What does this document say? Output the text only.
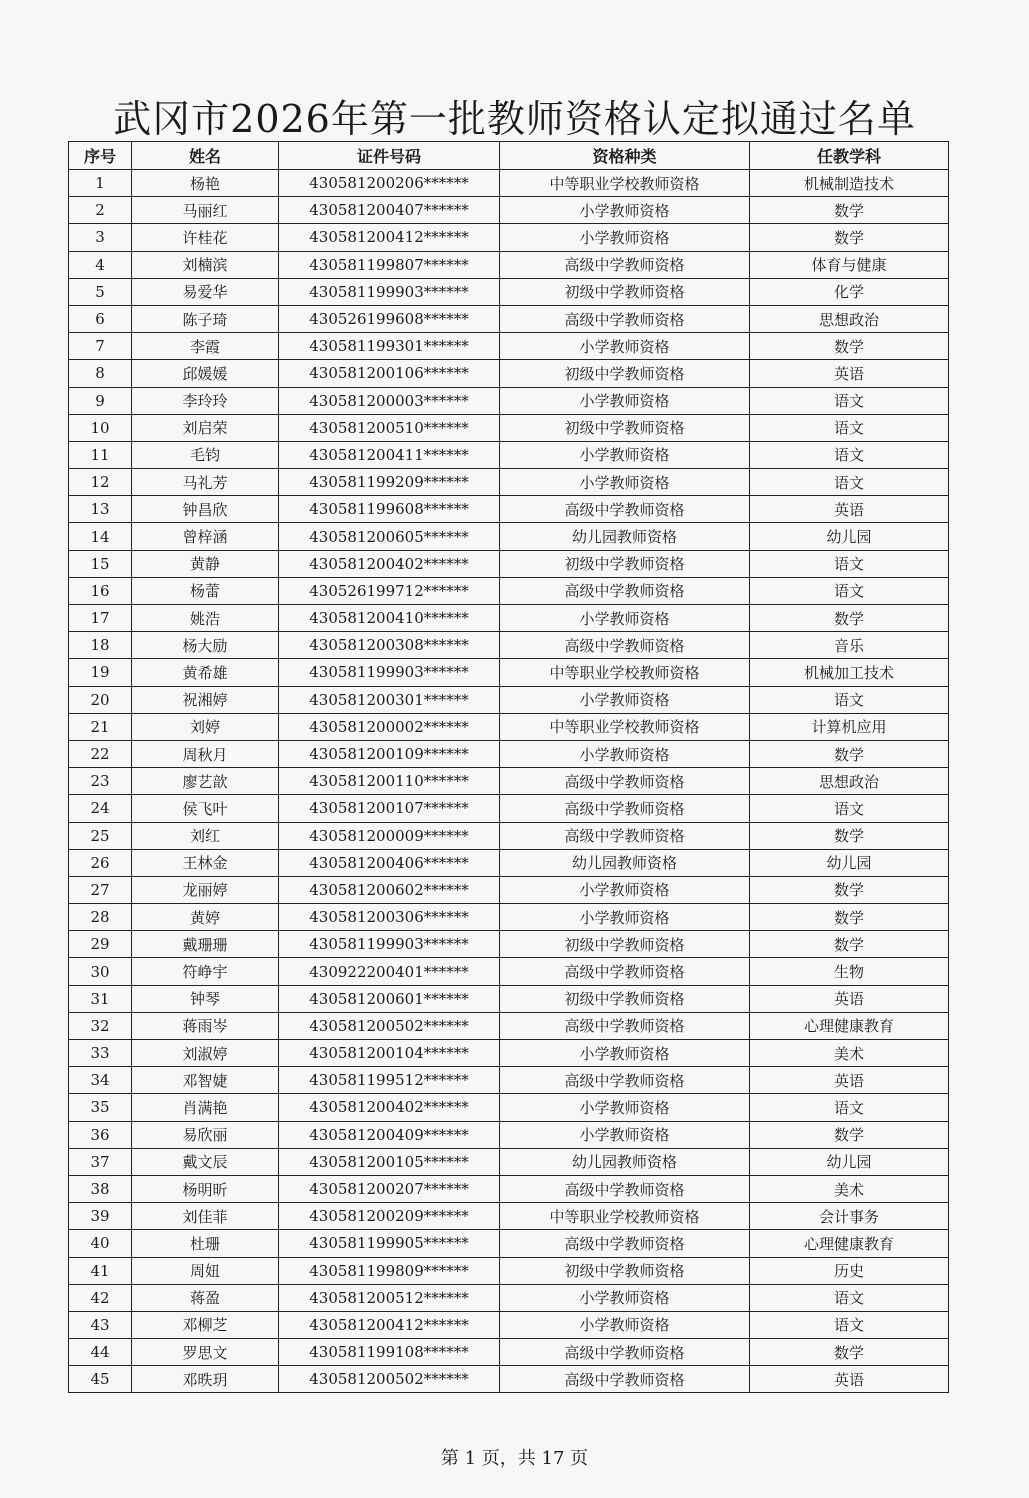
武冈市2026年第一批教师资格认定拟通过名单
序号	姓名	证件号码	资格种类	任教学科
1	杨艳	430581200206******	中等职业学校教师资格	机械制造技术
2	马丽红	430581200407******	小学教师资格	数学
3	许桂花	430581200412******	小学教师资格	数学
4	刘楠滨	430581199807******	高级中学教师资格	体育与健康
5	易爱华	430581199903******	初级中学教师资格	化学
6	陈子琦	430526199608******	高级中学教师资格	思想政治
7	李霞	430581199301******	小学教师资格	数学
8	邱媛媛	430581200106******	初级中学教师资格	英语
9	李玲玲	430581200003******	小学教师资格	语文
10	刘启荣	430581200510******	初级中学教师资格	语文
11	毛钧	430581200411******	小学教师资格	语文
12	马礼芳	430581199209******	小学教师资格	语文
13	钟昌欣	430581199608******	高级中学教师资格	英语
14	曾梓涵	430581200605******	幼儿园教师资格	幼儿园
15	黄静	430581200402******	初级中学教师资格	语文
16	杨蕾	430526199712******	高级中学教师资格	语文
17	姚浩	430581200410******	小学教师资格	数学
18	杨大励	430581200308******	高级中学教师资格	音乐
19	黄希雄	430581199903******	中等职业学校教师资格	机械加工技术
20	祝湘婷	430581200301******	小学教师资格	语文
21	刘婷	430581200002******	中等职业学校教师资格	计算机应用
22	周秋月	430581200109******	小学教师资格	数学
23	廖艺歆	430581200110******	高级中学教师资格	思想政治
24	侯飞叶	430581200107******	高级中学教师资格	语文
25	刘红	430581200009******	高级中学教师资格	数学
26	王林金	430581200406******	幼儿园教师资格	幼儿园
27	龙丽婷	430581200602******	小学教师资格	数学
28	黄婷	430581200306******	小学教师资格	数学
29	戴珊珊	430581199903******	初级中学教师资格	数学
30	符峥宇	430922200401******	高级中学教师资格	生物
31	钟琴	430581200601******	初级中学教师资格	英语
32	蒋雨岑	430581200502******	高级中学教师资格	心理健康教育
33	刘淑婷	430581200104******	小学教师资格	美术
34	邓智婕	430581199512******	高级中学教师资格	英语
35	肖满艳	430581200402******	小学教师资格	语文
36	易欣丽	430581200409******	小学教师资格	数学
37	戴文辰	430581200105******	幼儿园教师资格	幼儿园
38	杨明昕	430581200207******	高级中学教师资格	美术
39	刘佳菲	430581200209******	中等职业学校教师资格	会计事务
40	杜珊	430581199905******	高级中学教师资格	心理健康教育
41	周妞	430581199809******	初级中学教师资格	历史
42	蒋盈	430581200512******	小学教师资格	语文
43	邓柳芝	430581200412******	小学教师资格	语文
44	罗思文	430581199108******	高级中学教师资格	数学
45	邓昳玥	430581200502******	高级中学教师资格	英语
第 1 页，共 17 页
